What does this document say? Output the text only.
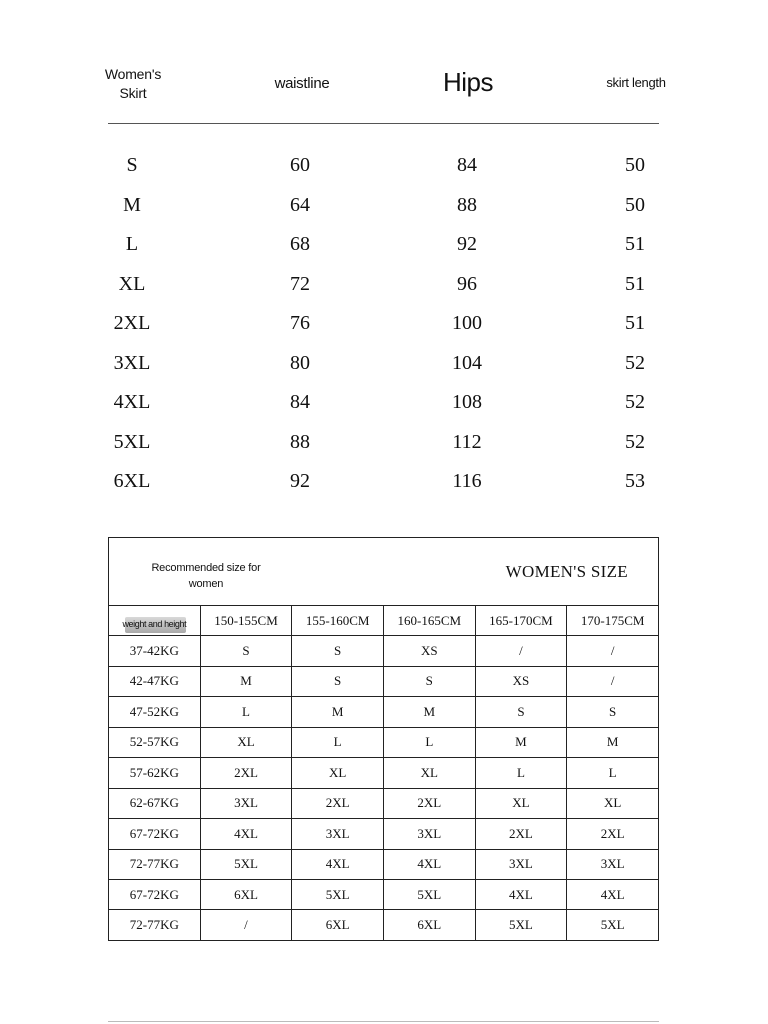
Women's Skirt
waistline	Hips	skirt length
S	60	84	50
M	64	88	50
L	68	92	51
XL	72	96	51
2XL	76	100	51
3XL	80	104	52
4XL	84	108	52
5XL	88	112	52
6XL	92	116	53
Recommended size for women
WOMEN'S SIZE					

weight and height	150-155CM	155-160CM	160-165CM	165-170CM	170-175CM
37-42KG	S	S	XS	/	/
42-47KG	M	S	S	XS	/
47-52KG	L	M	M	S	S
52-57KG	XL	L	L	M	M
57-62KG	2XL	XL	XL	L	L
62-67KG	3XL	2XL	2XL	XL	XL
67-72KG	4XL	3XL	3XL	2XL	2XL
72-77KG	5XL	4XL	4XL	3XL	3XL
67-72KG	6XL	5XL	5XL	4XL	4XL
72-77KG	/	6XL	6XL	5XL	5XL
